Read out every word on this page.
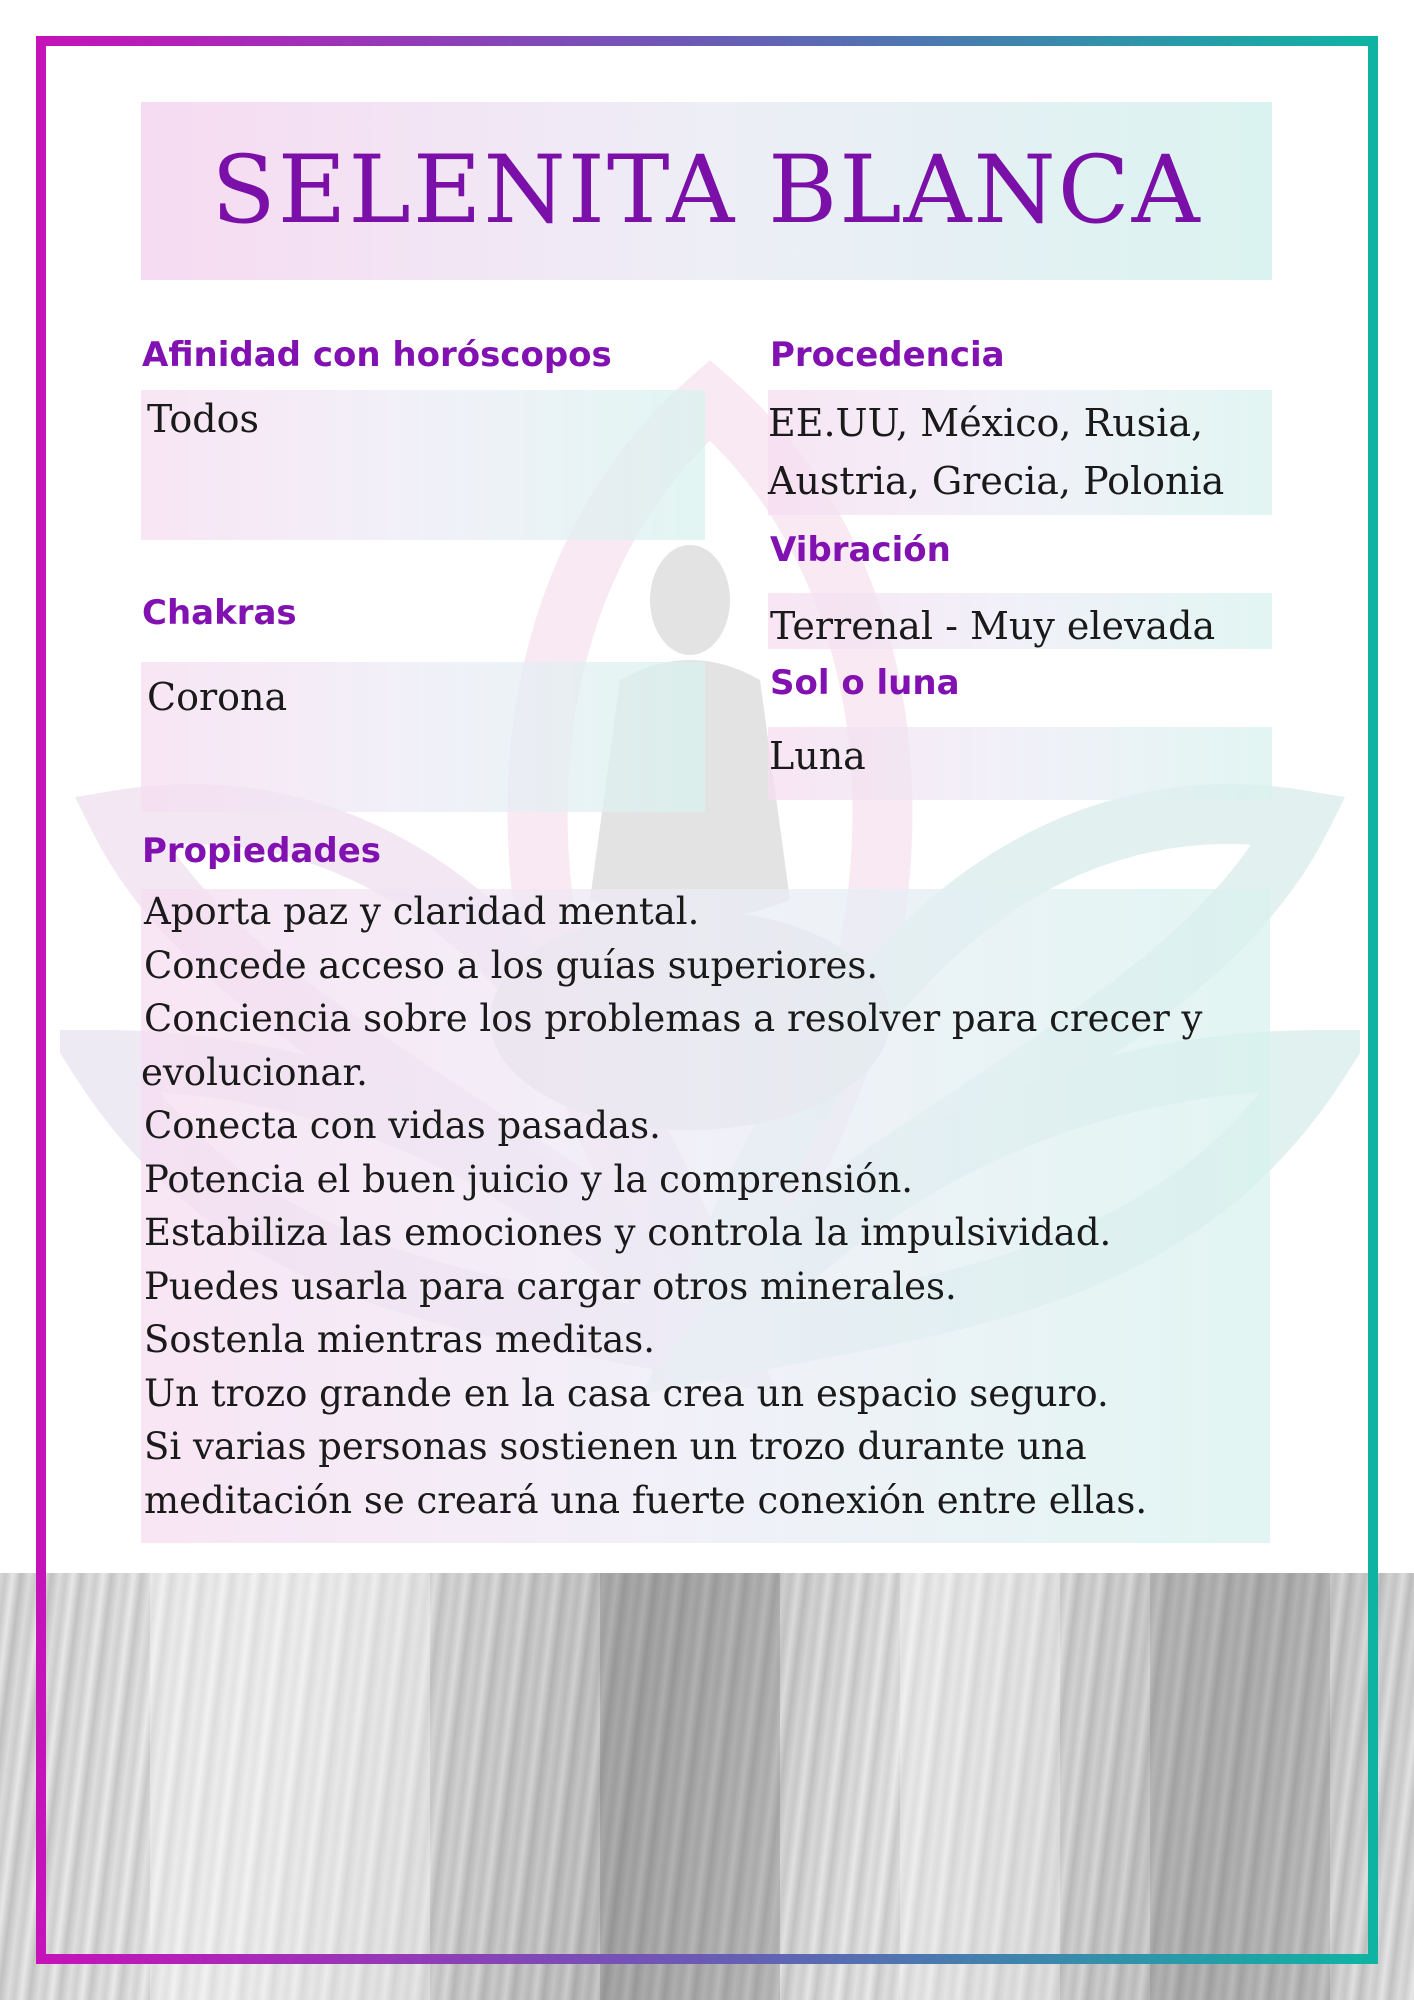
SELENITA BLANCA
Afinidad con horóscopos
Todos
Procedencia
EE.UU, México, Rusia,
Austria, Grecia, Polonia
Vibración
Terrenal - Muy elevada
Chakras
Corona	Sol o luna
Luna
Propiedades
Aporta paz y claridad mental.
Concede acceso a los guías superiores.
Conciencia sobre los problemas a resolver para crecer y
evolucionar.
Conecta con vidas pasadas.
Potencia el buen juicio y la comprensión.
Estabiliza las emociones y controla la impulsividad.
Puedes usarla para cargar otros minerales.
Sostenla mientras meditas.
Un trozo grande en la casa crea un espacio seguro.
Si varias personas sostienen un trozo durante una
meditación se creará una fuerte conexión entre ellas.
